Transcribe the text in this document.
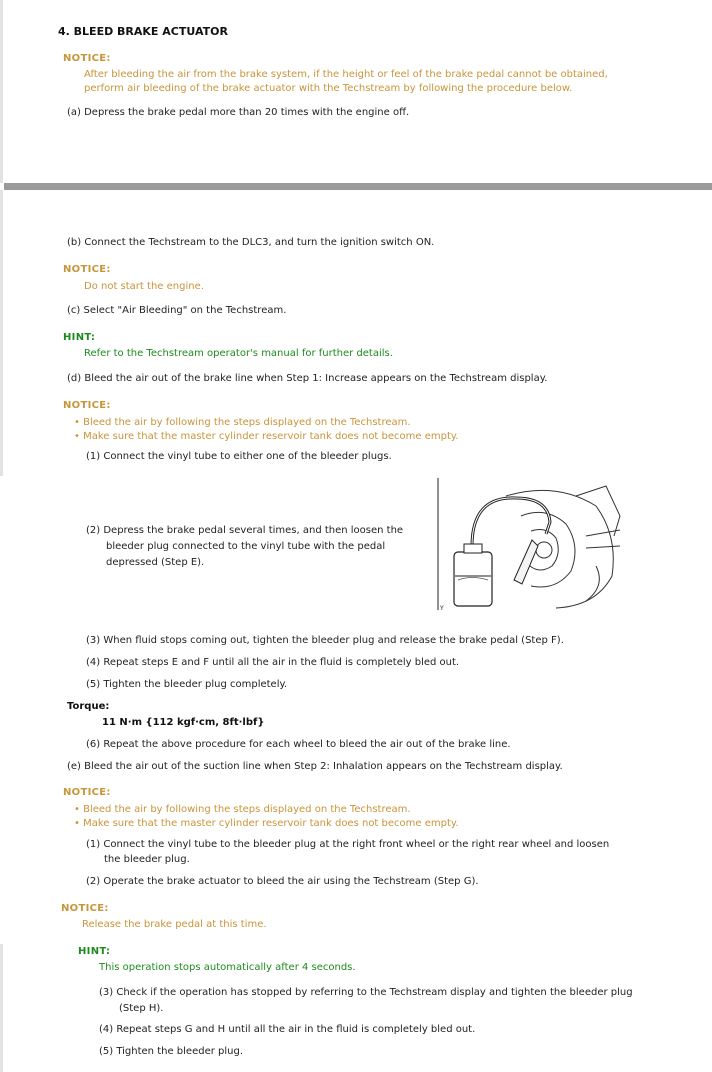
4. BLEED BRAKE ACTUATOR
NOTICE:
After bleeding the air from the brake system, if the height or feel of the brake pedal cannot be obtained,
perform air bleeding of the brake actuator with the Techstream by following the procedure below.
(a) Depress the brake pedal more than 20 times with the engine off.
(b) Connect the Techstream to the DLC3, and turn the ignition switch ON.
NOTICE:
Do not start the engine.
(c) Select "Air Bleeding" on the Techstream.
HINT:
Refer to the Techstream operator's manual for further details.
(d) Bleed the air out of the brake line when Step 1: Increase appears on the Techstream display.
NOTICE:
• Bleed the air by following the steps displayed on the Techstream.
• Make sure that the master cylinder reservoir tank does not become empty.
(1) Connect the vinyl tube to either one of the bleeder plugs.
(2) Depress the brake pedal several times, and then loosen the
bleeder plug connected to the vinyl tube with the pedal
depressed (Step E).
Y
(3) When fluid stops coming out, tighten the bleeder plug and release the brake pedal (Step F).
(4) Repeat steps E and F until all the air in the fluid is completely bled out.
(5) Tighten the bleeder plug completely.
Torque:
11 N·m {112 kgf·cm, 8ft·lbf}
(6) Repeat the above procedure for each wheel to bleed the air out of the brake line.
(e) Bleed the air out of the suction line when Step 2: Inhalation appears on the Techstream display.
NOTICE:
• Bleed the air by following the steps displayed on the Techstream.
• Make sure that the master cylinder reservoir tank does not become empty.
(1) Connect the vinyl tube to the bleeder plug at the right front wheel or the right rear wheel and loosen
the bleeder plug.
(2) Operate the brake actuator to bleed the air using the Techstream (Step G).
NOTICE:
Release the brake pedal at this time.
HINT:
This operation stops automatically after 4 seconds.
(3) Check if the operation has stopped by referring to the Techstream display and tighten the bleeder plug
(Step H).
(4) Repeat steps G and H until all the air in the fluid is completely bled out.
(5) Tighten the bleeder plug.
